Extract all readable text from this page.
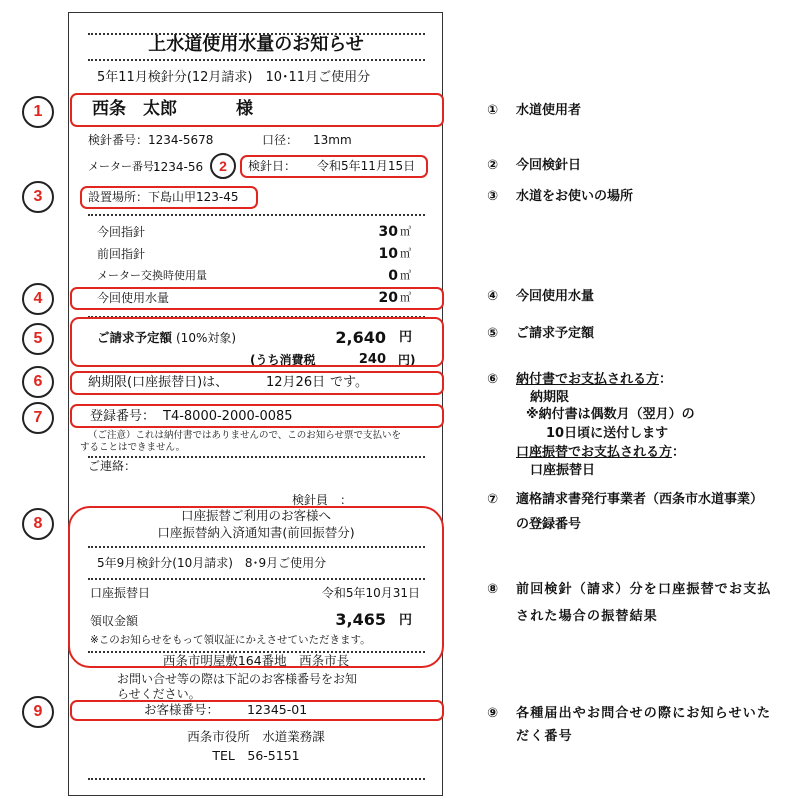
上水道使用水量のお知らせ
5年11月検針分(12月請求)　10･11月ご使用分
西条　太郎	様
検針番号： 1234-5678	口径： 13mm
メーター番号：
1234-56	検針日： 令和5年11月15日
設置場所： 下島山甲123-45
今回指針	30 ㎥
前回指針	10 ㎥
メーター交換時使用量	0 ㎥
今回使用水量	20 ㎥
ご請求予定額 (10%対象)	2,640 円
(うち消費税	240 円)
納期限(口座振替日)は、	12月26日 です。
登録番号： T4-8000-2000-0085
（ご注意）これは納付書ではありませんので、このお知らせ票で支払いを
することはできません。
ご連絡：
検針員　：
口座振替ご利用のお客様へ
口座振替納入済通知書(前回振替分)
5年9月検針分(10月請求)　8･9月ご使用分
口座振替日	令和5年10月31日
領収金額	3,465 円
※このお知らせをもって領収証にかえさせていただきます。
西条市明屋敷164番地　西条市長
お問い合せ等の際は下記のお客様番号をお知
らせください。
お客様番号： 12345-01
西条市役所　水道業務課
TEL　56-5151
1
2
3
4
5
6
7
8
9
① 水道使用者
② 今回検針日
③ 水道をお使いの場所
④ 今回使用水量
⑤ ご請求予定額
⑥ 納付書でお支払される方：
納期限
※納付書は偶数月（翌月）の
10日頃に送付します
口座振替でお支払される方：
口座振替日
⑦ 適格請求書発行事業者（西条市水道事業）
の登録番号
⑧ 前回検針（請求）分を口座振替でお支払
された場合の振替結果
⑨ 各種届出やお問合せの際にお知らせいた
だく番号
